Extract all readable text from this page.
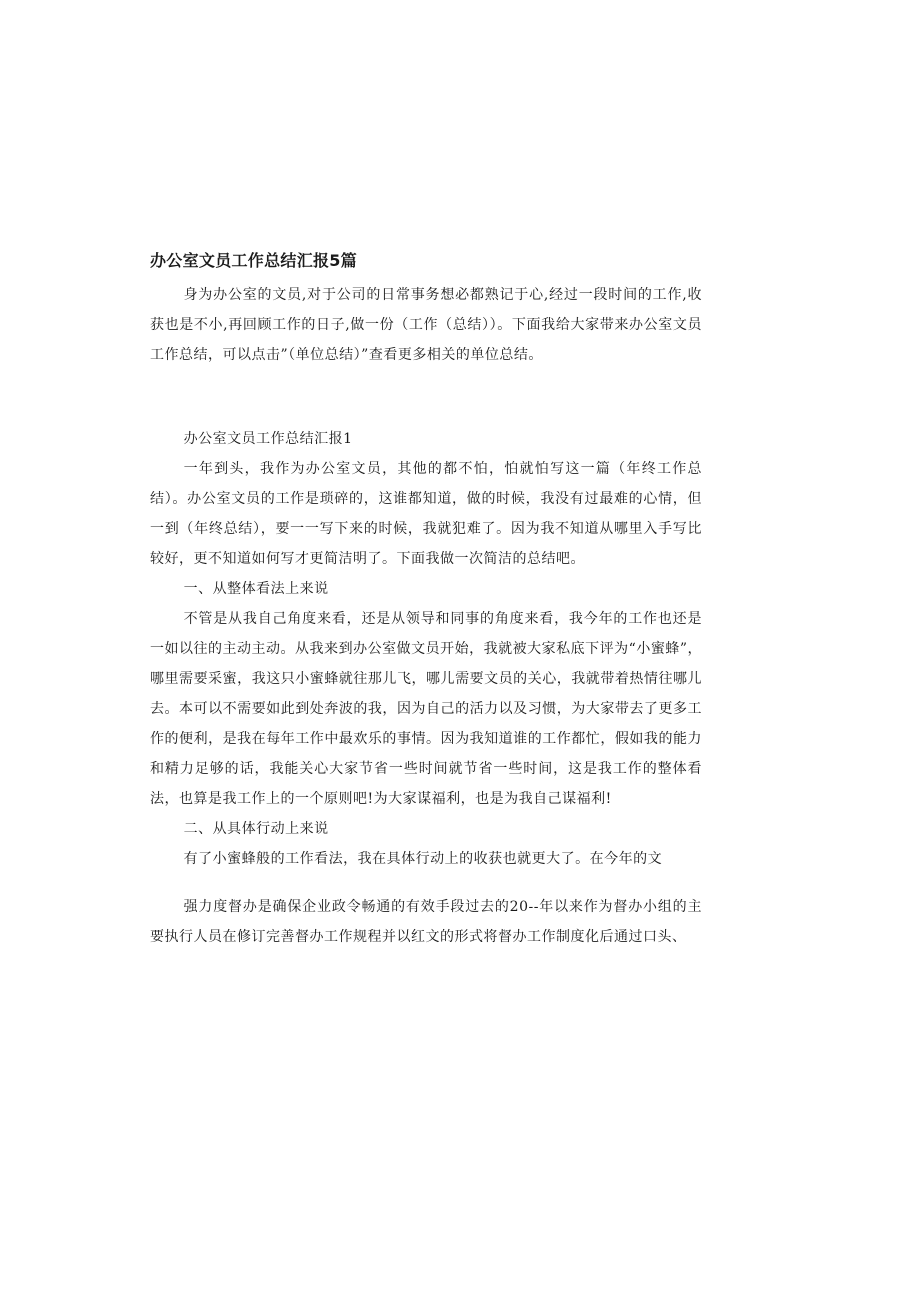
办公室文员工作总结汇报5篇

身为办公室的文员,对于公司的日常事务想必都熟记于心,经过一段时间的工作,收获也是不小,再回顾工作的日子,做一份（工作（总结））。下面我给大家带来办公室文员工作总结，可以点击”（单位总结）”查看更多相关的单位总结。

办公室文员工作总结汇报1

一年到头，我作为办公室文员，其他的都不怕，怕就怕写这一篇（年终工作总结）。办公室文员的工作是琐碎的，这谁都知道，做的时候，我没有过最难的心情，但一到（年终总结），要一一写下来的时候，我就犯难了。因为我不知道从哪里入手写比较好，更不知道如何写才更简洁明了。下面我做一次简洁的总结吧。

一、从整体看法上来说

不管是从我自己角度来看，还是从领导和同事的角度来看，我今年的工作也还是一如以往的主动主动。从我来到办公室做文员开始，我就被大家私底下评为“小蜜蜂”，哪里需要采蜜，我这只小蜜蜂就往那儿飞，哪儿需要文员的关心，我就带着热情往哪儿去。本可以不需要如此到处奔波的我，因为自己的活力以及习惯，为大家带去了更多工作的便利，是我在每年工作中最欢乐的事情。因为我知道谁的工作都忙，假如我的能力和精力足够的话，我能关心大家节省一些时间就节省一些时间，这是我工作的整体看法，也算是我工作上的一个原则吧!为大家谋福利，也是为我自己谋福利!

二、从具体行动上来说

有了小蜜蜂般的工作看法，我在具体行动上的收获也就更大了。在今年的文

强力度督办是确保企业政令畅通的有效手段过去的20--年以来作为督办小组的主要执行人员在修订完善督办工作规程并以红文的形式将督办工作制度化后通过口头、
